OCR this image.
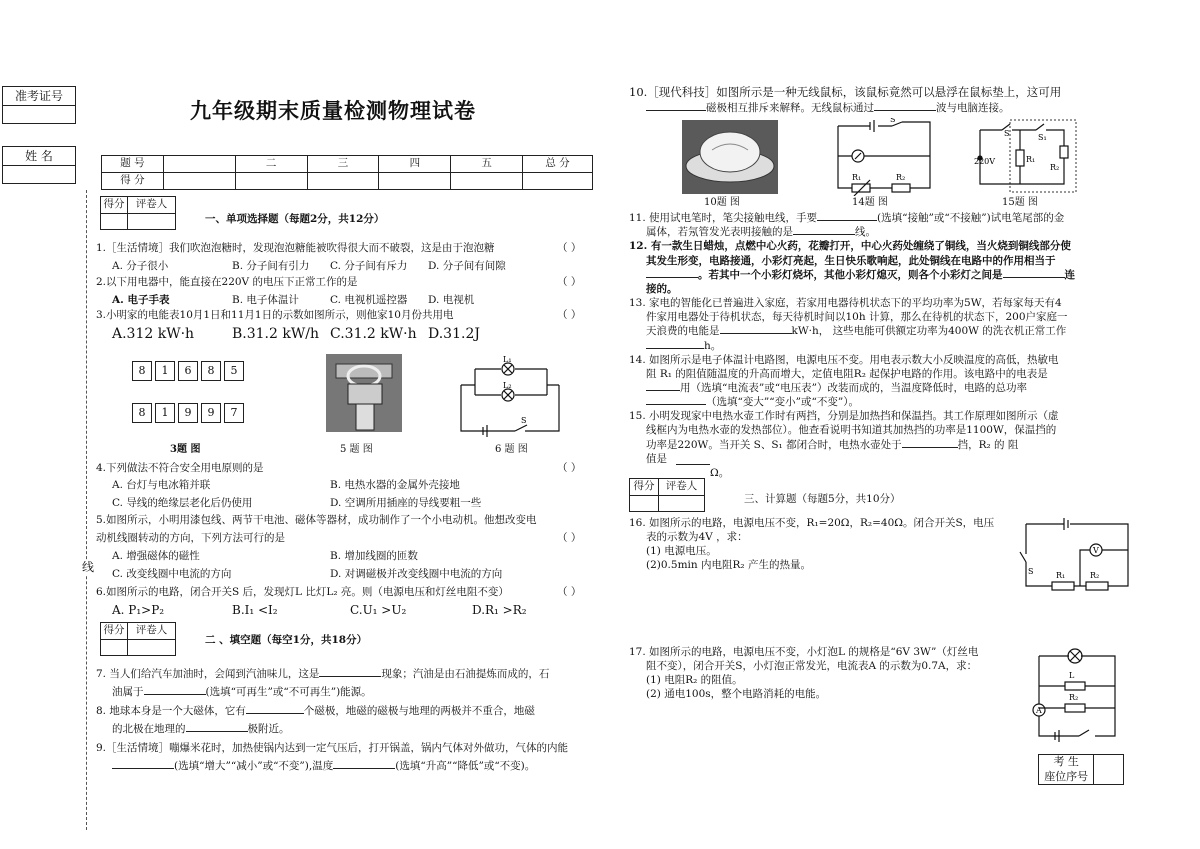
准考证号

姓 名

线
九年级期末质量检测物理试卷
题 号		二	三	四	五	总 分
得 分						
得分	评卷人

一、单项选择题（每题2分，共12分）
1.［生活情境］我们吹泡泡糖时，发现泡泡糖能被吹得很大而不破裂，这是由于泡泡糖	（ ）
A. 分子很小	B. 分子间有引力 C. 分子间有斥力 D. 分子间有间隙
2.以下用电器中，能直接在220V 的电压下正常工作的是	（ ）
A. 电子手表	B. 电子体温计	C. 电视机遥控器 D. 电视机
3.小明家的电能表10月1日和11月1日的示数如图所示，则他家10月份共用电	（ ）
A.312 kW·h	B.31.2 kW/h C.31.2 kW·h D.31.2J
8	1	6	8	5
8	1	9	9	7
3题 图	5 题 图
L₁
L₂
S
6 题 图
4.下列做法不符合安全用电原则的是	（ ）
A. 台灯与电冰箱并联	B. 电热水器的金属外壳接地
C. 导线的绝缘层老化后仍使用	D. 空调所用插座的导线要粗一些
5.如图所示，小明用漆包线、两节干电池、磁体等器材，成功制作了一个小电动机。他想改变电
动机线圈转动的方向，下列方法可行的是	（ ）
A. 增强磁体的磁性	B. 增加线圈的匝数
C. 改变线圈中电流的方向	D. 对调磁极并改变线圈中电流的方向
6.如图所示的电路，闭合开关S 后，发现灯L 比灯L₂ 亮。则（电源电压和灯丝电阻不变）	（ ）
A. P₁>P₂	B.I₁ <I₂	C.U₁ >U₂	D.R₁ >R₂
得分	评卷人

二 、填空题（每空1分，共18分）
7. 当人们给汽车加油时，会闻到汽油味儿，这是	现象；汽油是由石油提炼而成的，石
油属于	(选填“可再生”或“不可再生”)能源。
8. 地球本身是一个大磁体，它有	个磁极，地磁的磁极与地理的两极并不重合，地磁
的北极在地理的	极附近。
9.［生活情境］嘣爆米花时，加热使锅内达到一定气压后，打开锅盖，锅内气体对外做功，气体的内能
(选填“增大”“减小”或“不变”),温度	(选填“升高”“降低”或“不变)。
10.［现代科技］如图所示是一种无线鼠标，该鼠标竟然可以悬浮在鼠标垫上，这可用
磁极相互排斥来解释。无线鼠标通过	波与电脑连接。
10题 图
S
R₁	R₂
14题 图
220V
S	S₁
R₁
R₂
15题 图
11. 使用试电笔时，笔尖接触电线，手要	(选填“接触”或“不接触”)试电笔尾部的金
属体，若氖管发光表明接触的是	线。
12. 有一款生日蜡烛，点燃中心火药，花瓣打开，中心火药处缠绕了铜线，当火烧到铜线部分使
其发生形变，电路接通，小彩灯亮起，生日快乐歌响起，此处铜线在电路中的作用相当于
。若其中一个小彩灯烧坏，其他小彩灯熄灭，则各个小彩灯之间是	连
接的。
13. 家电的智能化已普遍进入家庭，若家用电器待机状态下的平均功率为5W，若每家每天有4
件家用电器处于待机状态，每天待机时间以10h 计算，那么在待机的状态下，200户家庭一
天浪费的电能是	kW·h， 这些电能可供额定功率为400W 的洗衣机正常工作
h。
14. 如图所示是电子体温计电路图，电源电压不变。用电表示数大小反映温度的高低，热敏电
阻 R₁ 的阻值随温度的升高而增大，定值电阻R₂ 起保护电路的作用。该电路中的电表是
用（选填“电流表”或“电压表”）改装而成的，当温度降低时，电路的总功率
（选填“变大”“变小”或“不变”）。
15. 小明发现家中电热水壶工作时有两挡，分别是加热挡和保温挡。其工作原理如图所示（虚
线框内为电热水壶的发热部位）。他查看说明书知道其加热挡的功率是1100W，保温挡的
功率是220W。当开关 S、S₁ 都闭合时，电热水壶处于	挡，R₂ 的 阻
值是
Ω。
得分	评卷人

三、计算题（每题5分，共10分）
16. 如图所示的电路，电源电压不变，R₁=20Ω，R₂=40Ω。闭合开关S，电压
表的示数为4V ，求：
(1) 电源电压。
(2)0.5min 内电阻R₂ 产生的热量。
V
S	R₁	R₂
17. 如图所示的电路，电源电压不变，小灯泡L 的规格是“6V 3W”（灯丝电
阻不变），闭合开关S，小灯泡正常发光，电流表A 的示数为0.7A，求：
(1) 电阻R₂ 的阻值。
(2) 通电100s，整个电路消耗的电能。
A
L
R₂
考 生	
座位序号
